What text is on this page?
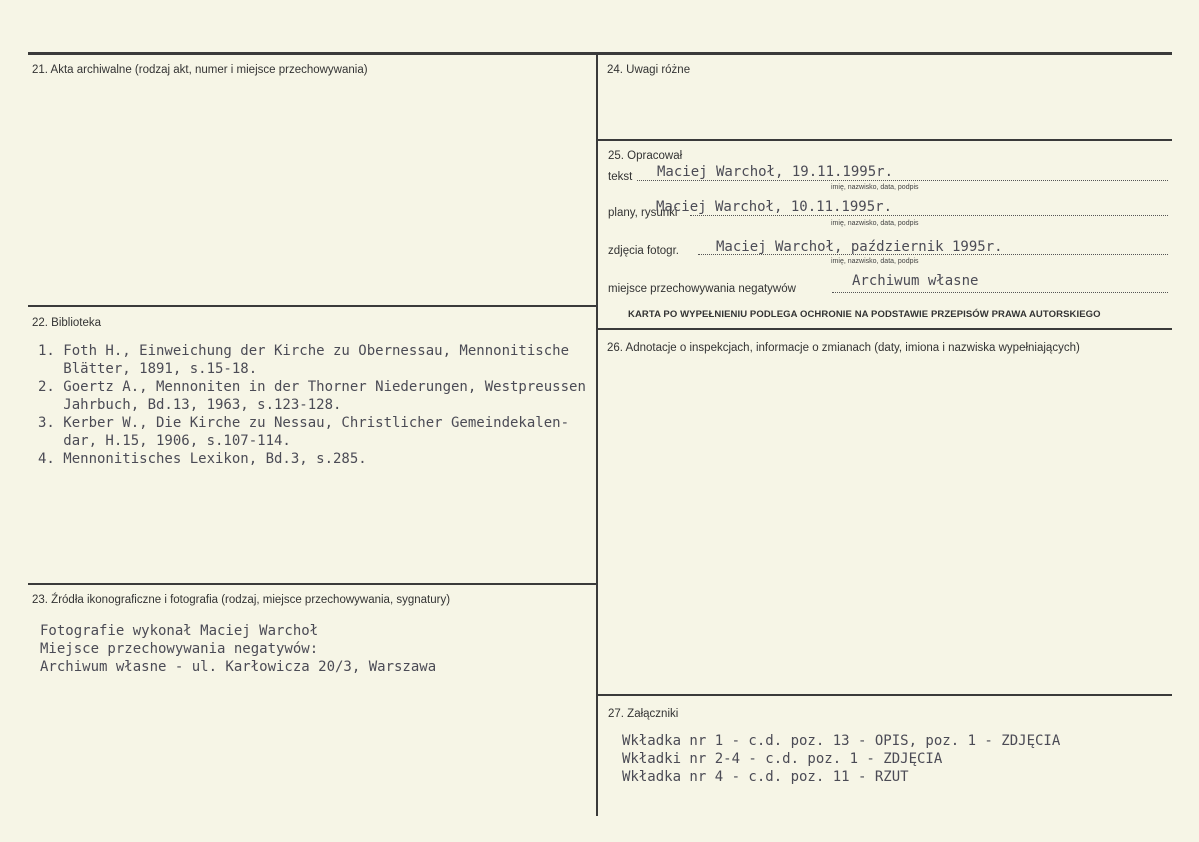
21. Akta archiwalne (rodzaj akt, numer i miejsce przechowywania)
22. Biblioteka
1. Foth H., Einweichung der Kirche zu Obernessau, Mennonitische
Blätter, 1891, s.15-18.
2. Goertz A., Mennoniten in der Thorner Niederungen, Westpreussen
Jahrbuch, Bd.13, 1963, s.123-128.
3. Kerber W., Die Kirche zu Nessau, Christlicher Gemeindekalen-
dar, H.15, 1906, s.107-114.
4. Mennonitisches Lexikon, Bd.3, s.285.
23. Źródła ikonograficzne i fotografia (rodzaj, miejsce przechowywania, sygnatury)
Fotografie wykonał Maciej Warchoł
Miejsce przechowywania negatywów:
Archiwum własne - ul. Karłowicza 20/3, Warszawa
24. Uwagi różne
25. Opracował
tekst Maciej Warchoł, 19.11.1995r.
imię, nazwisko, data, podpis
plany, rysunki
Maciej Warchoł, 10.11.1995r.
imię, nazwisko, data, podpis
zdjęcia fotogr.	Maciej Warchoł, październik 1995r.
imię, nazwisko, data, podpis
miejsce przechowywania negatywów	Archiwum własne
KARTA PO WYPEŁNIENIU PODLEGA OCHRONIE NA PODSTAWIE PRZEPISÓW PRAWA AUTORSKIEGO
26. Adnotacje o inspekcjach, informacje o zmianach (daty, imiona i nazwiska wypełniających)
27. Załączniki
Wkładka nr 1 - c.d. poz. 13 - OPIS, poz. 1 - ZDJĘCIA
Wkładki nr 2-4 - c.d. poz. 1 - ZDJĘCIA
Wkładka nr 4 - c.d. poz. 11 - RZUT
